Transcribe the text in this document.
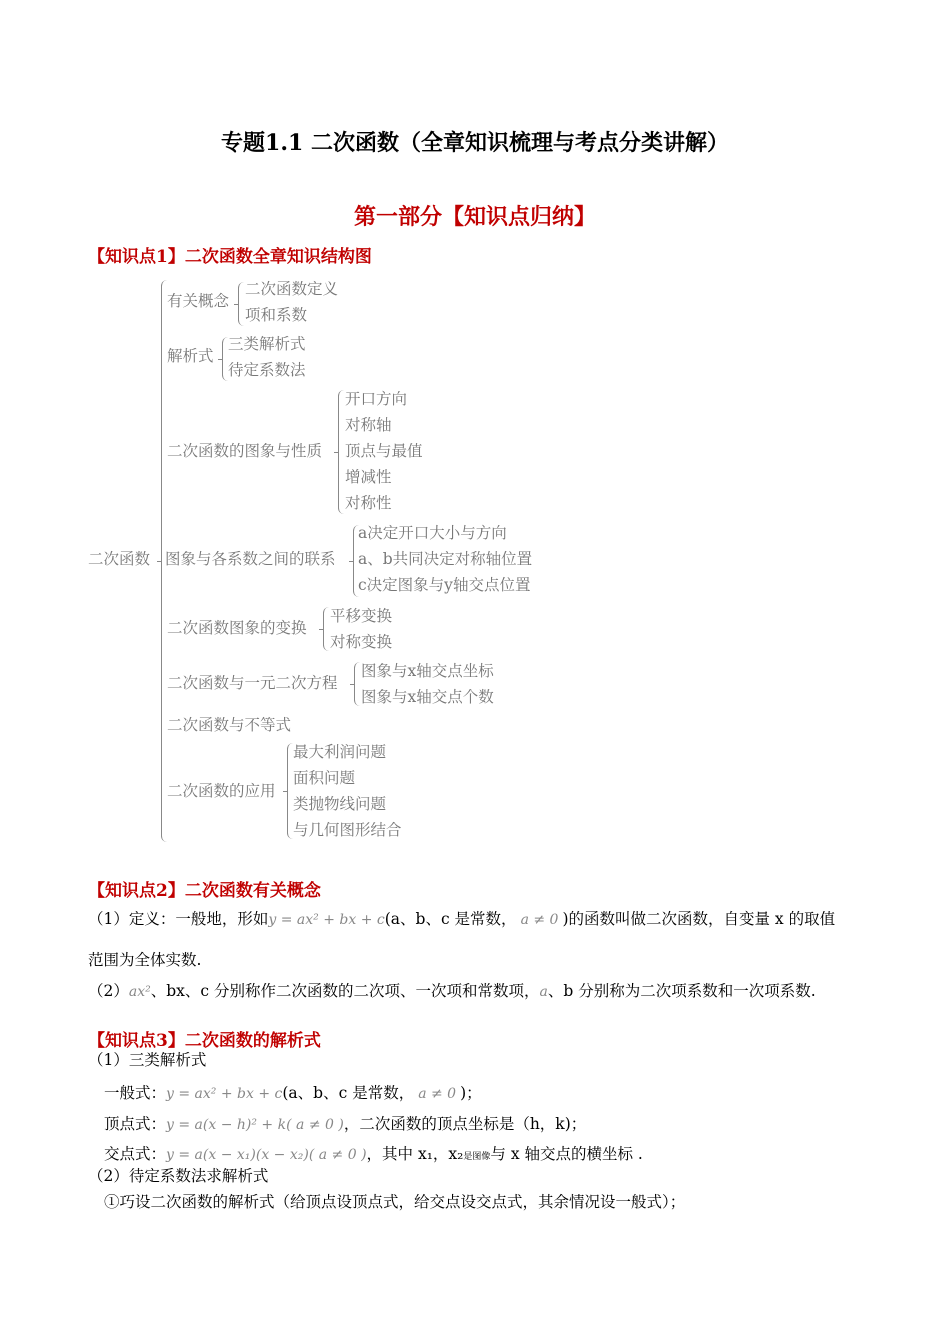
专题1.1 二次函数（全章知识梳理与考点分类讲解）
第一部分【知识点归纳】
【知识点1】二次函数全章知识结构图
二次函数
有关概念
二次函数定义
项和系数
解析式
三类解析式
待定系数法
二次函数的图象与性质
开口方向
对称轴
顶点与最值
增减性
对称性
图象与各系数之间的联系
a决定开口大小与方向
a、b共同决定对称轴位置
c决定图象与y轴交点位置
二次函数图象的变换
平移变换
对称变换
二次函数与一元二次方程
图象与x轴交点坐标
图象与x轴交点个数
二次函数与不等式
二次函数的应用
最大利润问题
面积问题
类抛物线问题
与几何图形结合
【知识点2】二次函数有关概念
（1）定义：一般地，形如y = ax² + bx + c(a、b、c 是常数， a ≠ 0 )的函数叫做二次函数，自变量 x 的取值
范围为全体实数.
（2）ax²、bx、c 分别称作二次函数的二次项、一次项和常数项，a、b 分别称为二次项系数和一次项系数.
【知识点3】二次函数的解析式
（1）三类解析式
一般式：y = ax² + bx + c(a、b、c 是常数， a ≠ 0 )；
顶点式：y = a(x − h)² + k( a ≠ 0 )，二次函数的顶点坐标是（h，k)；
交点式：y = a(x − x₁)(x − x₂)( a ≠ 0 )，其中 x₁，x₂是图像与 x 轴交点的横坐标 .
（2）待定系数法求解析式
①巧设二次函数的解析式（给顶点设顶点式，给交点设交点式，其余情况设一般式）；
